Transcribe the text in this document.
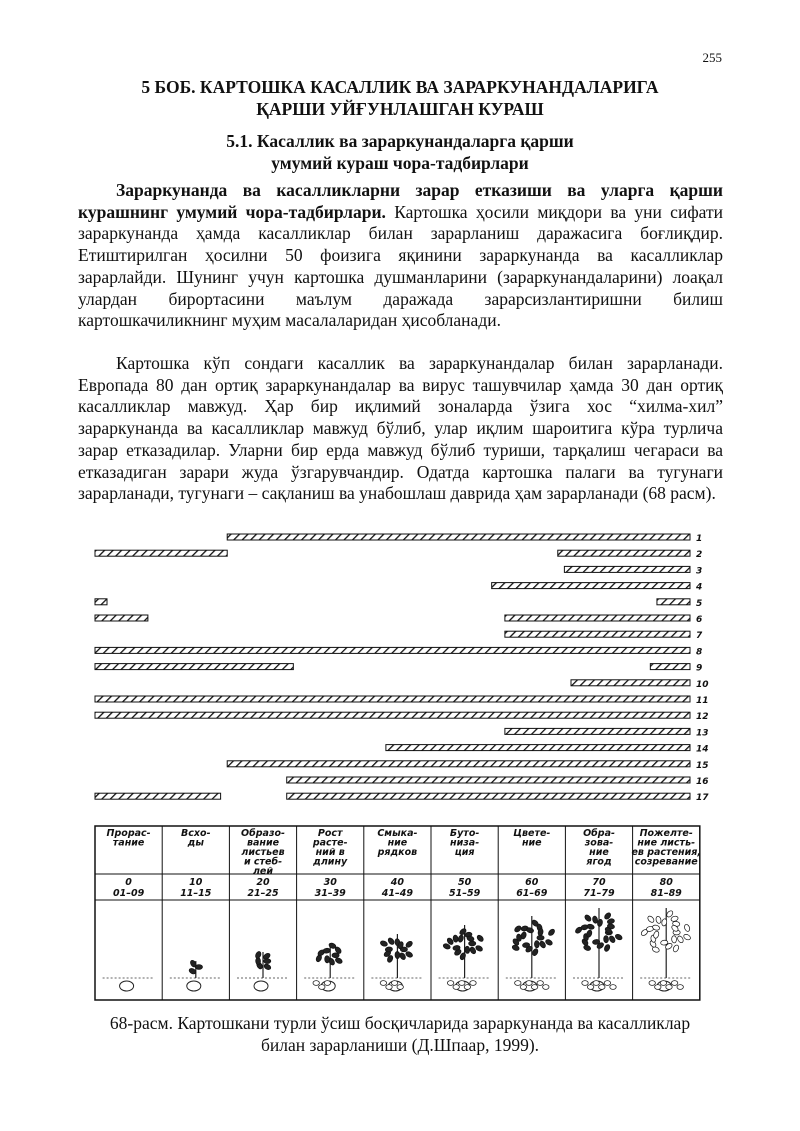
255
5 БОБ. КАРТОШКА КАСАЛЛИК ВА ЗАРАРКУНАНДАЛАРИГА
ҚАРШИ УЙҒУНЛАШГАН КУРАШ
5.1. Касаллик ва зараркунандаларга қарши
умумий кураш чора-тадбирлари

Зараркунанда ва касалликларни зарар етказиши ва уларга қарши курашнинг умумий чора-тадбирлари. Картошка ҳосили миқдори ва уни сифати зараркунанда ҳамда касалликлар билан зарарланиш даражасига боғлиқдир. Етиштирилган ҳосилни 50 фоизига яқинини зараркунанда ва касалликлар зарарлайди. Шунинг учун картошка душманларини (зараркунандаларини) лоақал улардан бироpтасини маълум даражада зарарсизлантиришни билиш картошкачиликнинг муҳим масалаларидан ҳисобланади.

Картошка кўп сондаги касаллик ва зараркунандалар билан зарарланади. Европада 80 дан ортиқ зараркунандалар ва вирус ташувчилар ҳамда 30 дан ортиқ касалликлар мавжуд. Ҳар бир иқлимий зоналарда ўзига хос “хилма-хил” зараркунанда ва касалликлар мавжуд бўлиб, улар иқлим шароитига кўра турлича зарар етказадилар. Уларни бир ерда мавжуд бўлиб туриши, тарқалиш чегараси ва етказадиган зарари жуда ўзгарувчандир. Одатда картошка палаги ва тугунаги зарарланади, тугунаги – сақланиш ва унабошлаш даврида ҳам зарарланади (68 расм).

1
2
3
4
5
6
7
8
9
10
11
12
13
14
15
16
17
Прорас-
тание
0
01–09
Всхо-
ды
10
11–15
Образо-
вание
листьев
и стеб-
лей
20
21–25
Рост
расте-
ний в
длину
30
31–39
Смыка-
ние
рядков
40
41–49
Буто-
низа-
ция
50
51–59
Цвете-
ние
60
61–69
Обра-
зова-
ние
ягод
70
71–79
Пожелте-
ние листь-
ев растения,
созревание
80
81–89
68-расм. Картошкани турли ўсиш босқичларида зараркунанда ва касалликлар
билан зарарланиши (Д.Шпаар, 1999).
